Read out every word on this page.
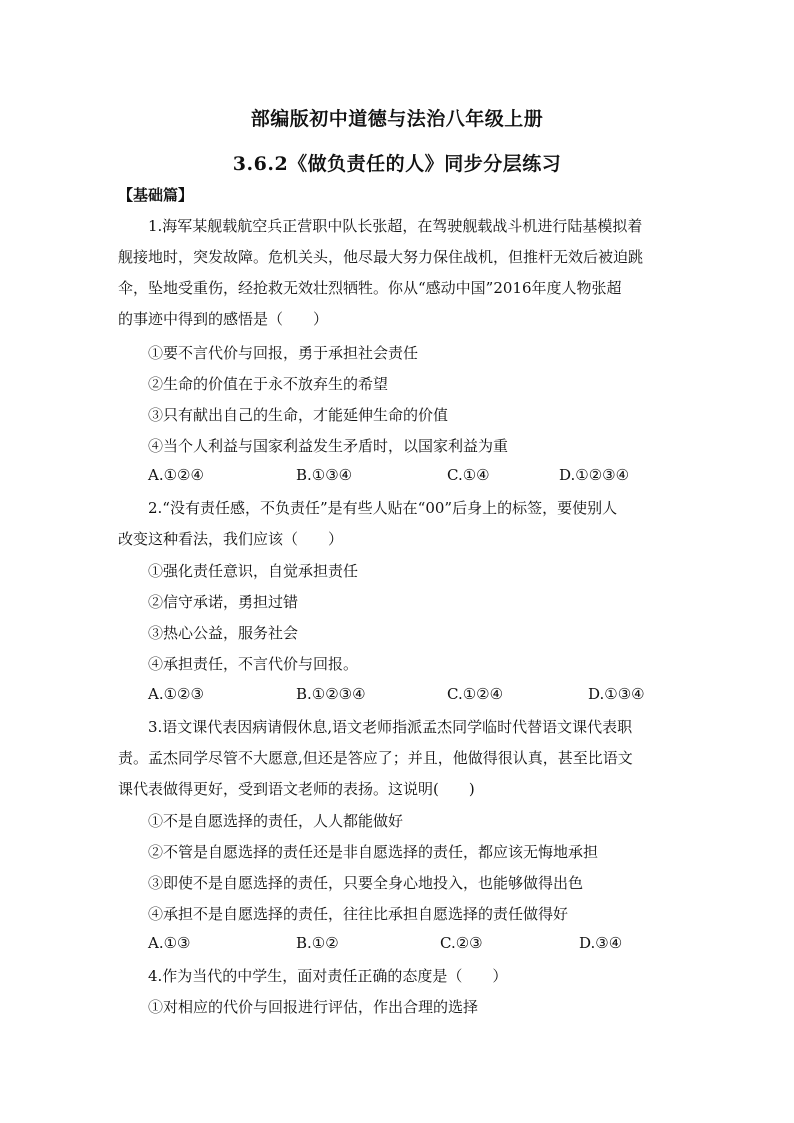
部编版初中道德与法治八年级上册
3.6.2《做负责任的人》同步分层练习
【基础篇】
1.海军某舰载航空兵正营职中队长张超，在驾驶舰载战斗机进行陆基模拟着
舰接地时，突发故障。危机关头，他尽最大努力保住战机，但推杆无效后被迫跳
伞，坠地受重伤，经抢救无效壮烈牺牲。你从“感动中国”2016年度人物张超
的事迹中得到的感悟是（　　）
①要不言代价与回报，勇于承担社会责任
②生命的价值在于永不放弃生的希望
③只有献出自己的生命，才能延伸生命的价值
④当个人利益与国家利益发生矛盾时，以国家利益为重
A.①②④	B.①③④	C.①④	D.①②③④
2.“没有责任感，不负责任”是有些人贴在“00”后身上的标签，要使别人
改变这种看法，我们应该（　　）
①强化责任意识，自觉承担责任
②信守承诺，勇担过错
③热心公益，服务社会
④承担责任，不言代价与回报。
A.①②③	B.①②③④	C.①②④	D.①③④
3.语文课代表因病请假休息,语文老师指派孟杰同学临时代替语文课代表职
责。孟杰同学尽管不大愿意,但还是答应了；并且，他做得很认真，甚至比语文
课代表做得更好，受到语文老师的表扬。这说明(　　)
①不是自愿选择的责任，人人都能做好
②不管是自愿选择的责任还是非自愿选择的责任，都应该无悔地承担
③即使不是自愿选择的责任，只要全身心地投入，也能够做得出色
④承担不是自愿选择的责任，往往比承担自愿选择的责任做得好
A.①③	B.①②	C.②③	D.③④
4.作为当代的中学生，面对责任正确的态度是（　　）
①对相应的代价与回报进行评估，作出合理的选择
